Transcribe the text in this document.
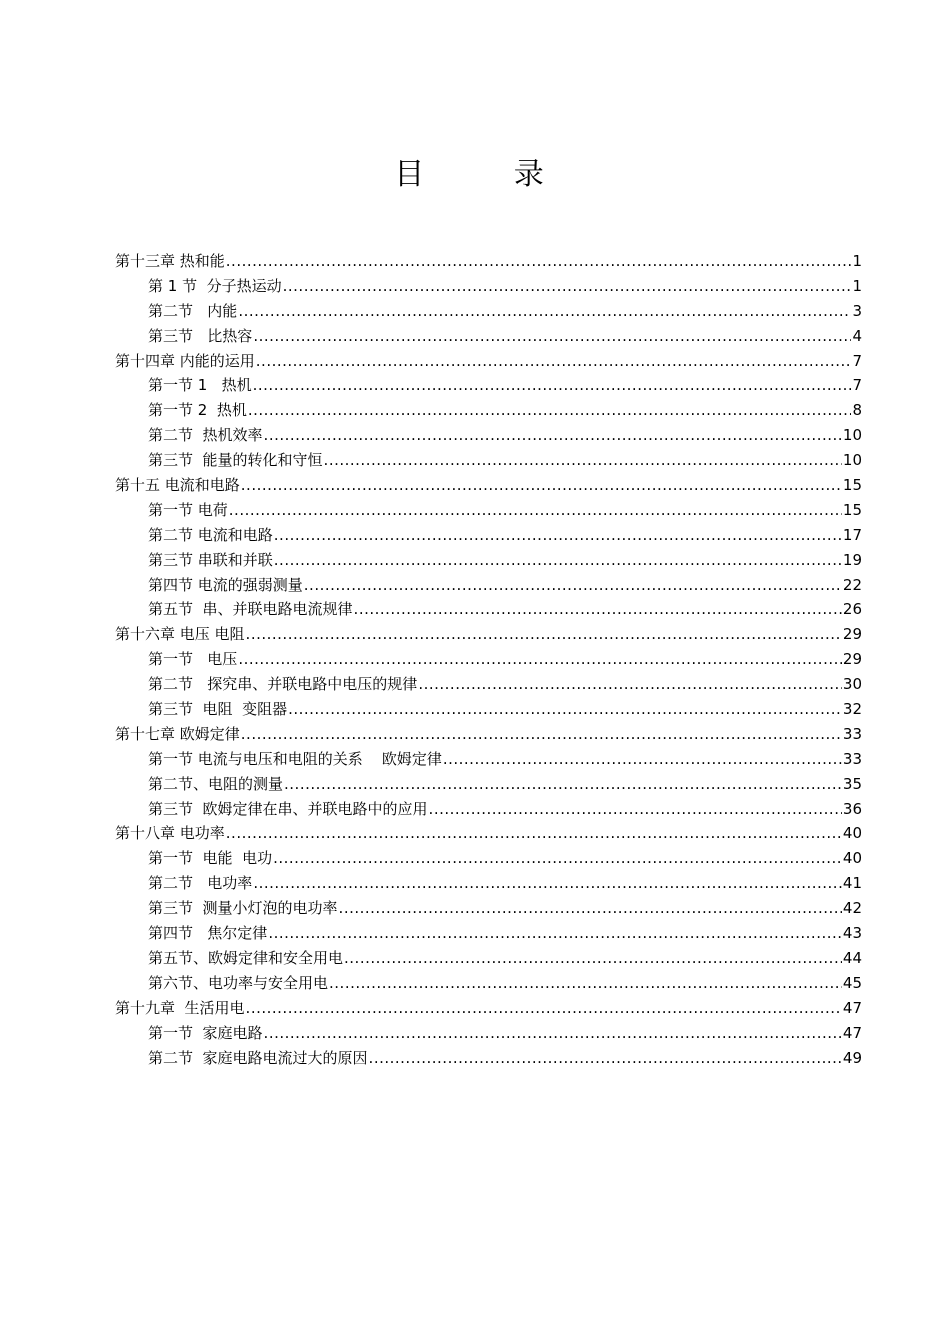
目 录
第十三章 热和能 .....	1
第 1 节  分子热运动 .....	1
第二节   内能 .....	3
第三节   比热容 .....	4
第十四章 内能的运用 .....	7
第一节 1   热机 .....	7
第一节 2  热机 .....	8
第二节  热机效率 .....	10
第三节  能量的转化和守恒 .....	10
第十五 电流和电路 .....	15
第一节 电荷 .....	15
第二节 电流和电路 .....	17
第三节 串联和并联 .....	19
第四节 电流的强弱测量 .....	22
第五节  串、并联电路电流规律 .....	26
第十六章 电压 电阻 .....	29
第一节   电压 .....	29
第二节   探究串、并联电路中电压的规律 .....	30
第三节  电阻  变阻器 .....	32
第十七章 欧姆定律 .....	33
第一节 电流与电压和电阻的关系    欧姆定律 .....	33
第二节、电阻的测量 .....	35
第三节  欧姆定律在串、并联电路中的应用 .....	36
第十八章 电功率 .....	40
第一节  电能  电功 .....	40
第二节   电功率 .....	41
第三节  测量小灯泡的电功率 .....	42
第四节   焦尔定律 .....	43
第五节、欧姆定律和安全用电 .....	44
第六节、电功率与安全用电 .....	45
第十九章  生活用电 .....	47
第一节  家庭电路 .....	47
第二节  家庭电路电流过大的原因 .....	49
